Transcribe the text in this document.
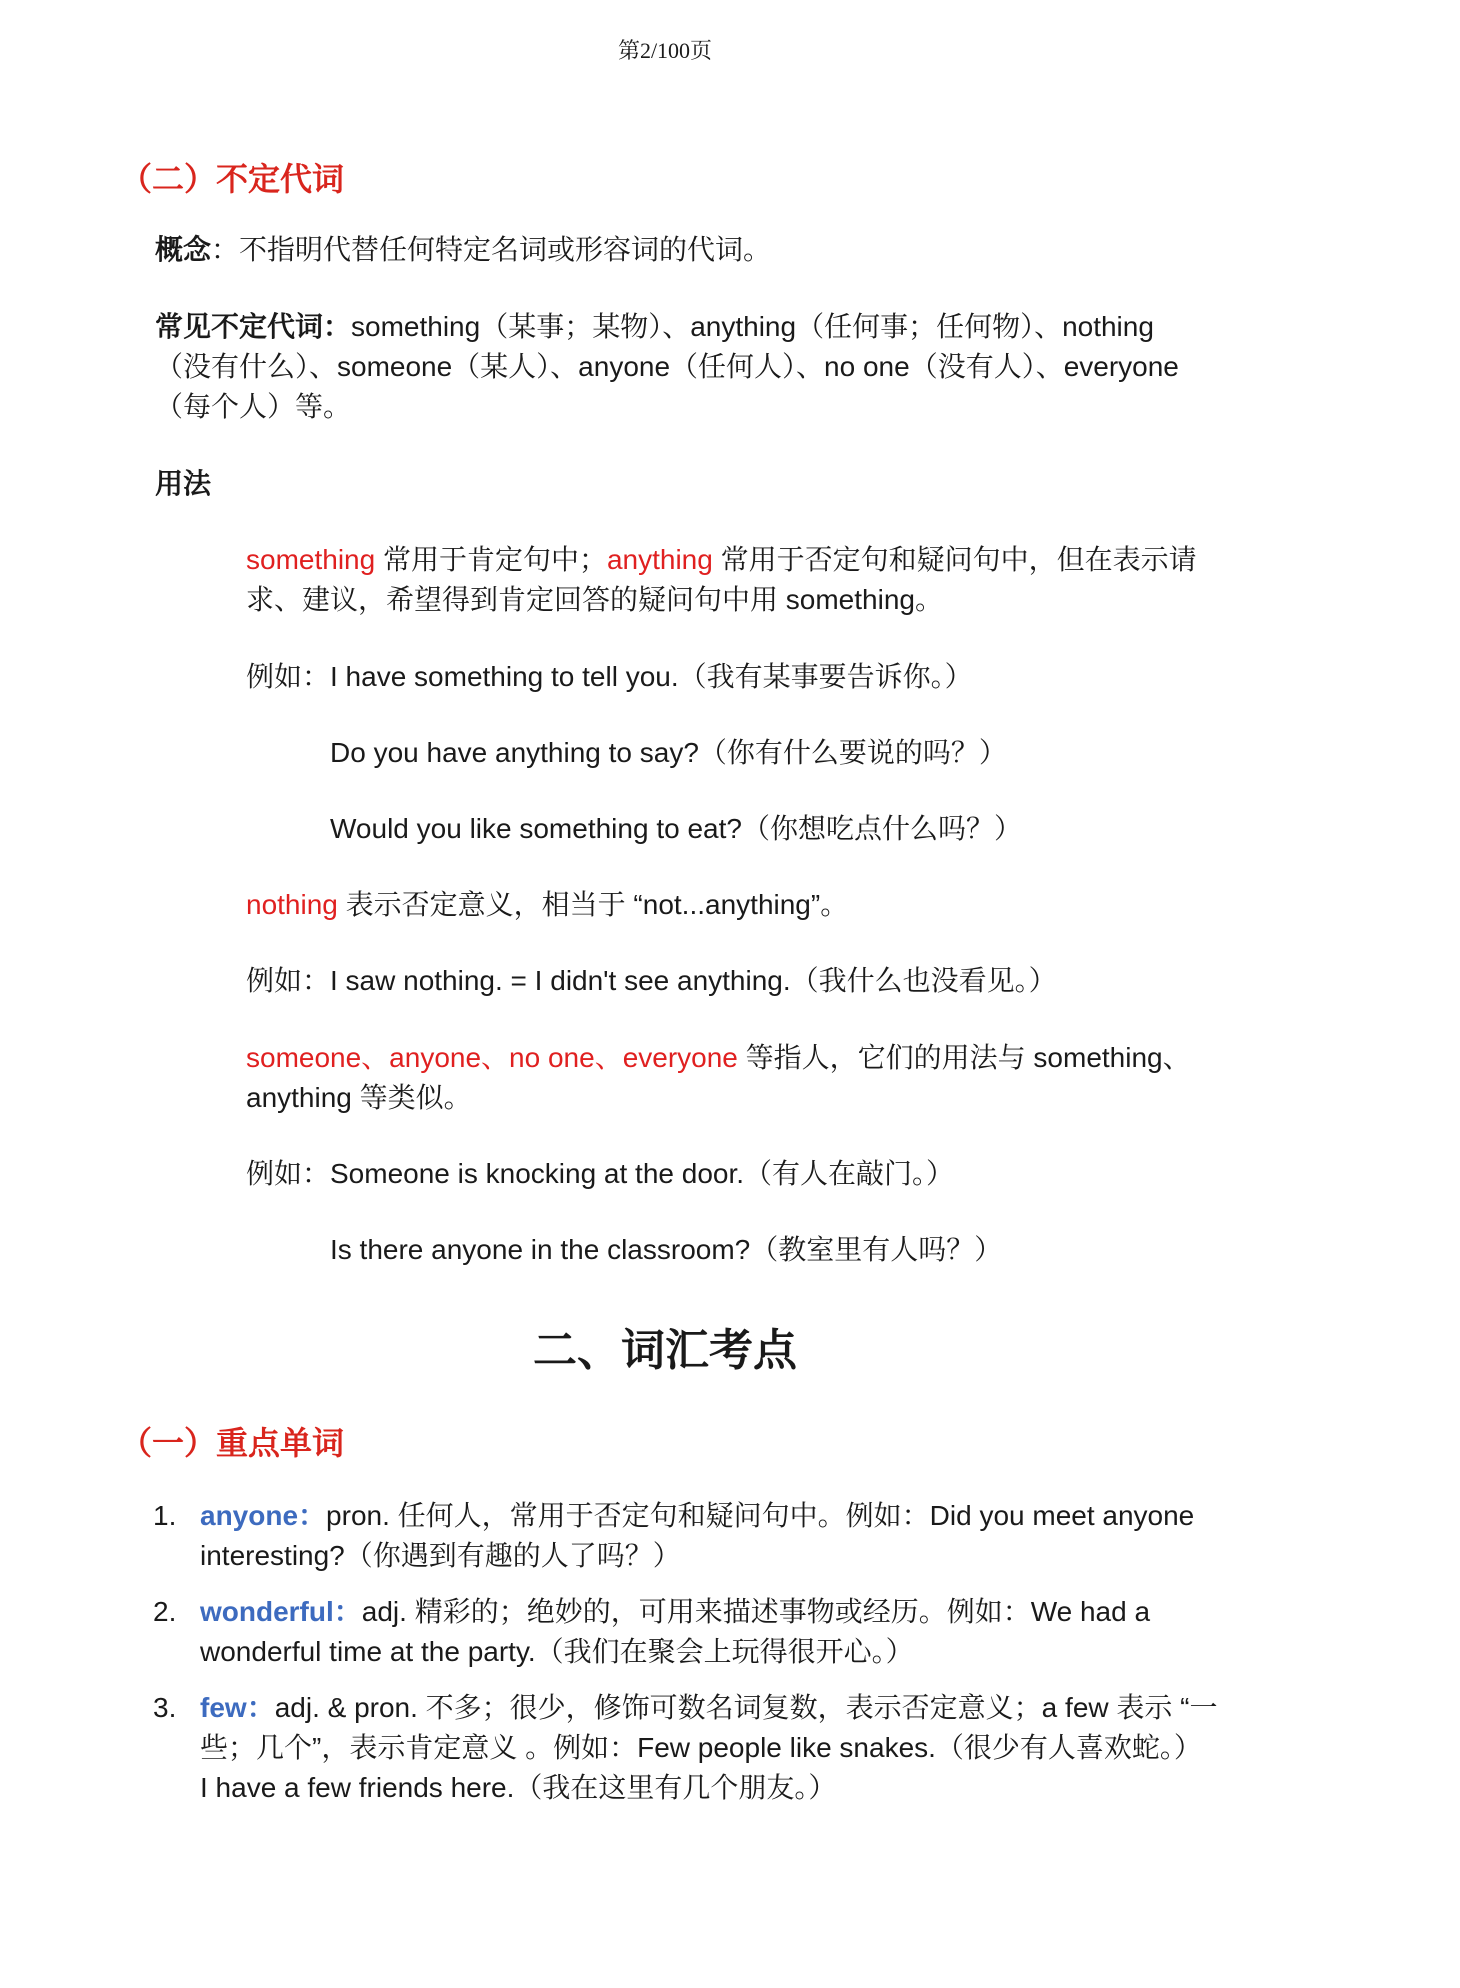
第2/100页
（二）不定代词
概念：不指明代替任何特定名词或形容词的代词。
常见不定代词：something（某事；某物）、anything（任何事；任何物）、nothing
（没有什么）、someone（某人）、anyone（任何人）、no one（没有人）、everyone
（每个人）等。
用法
something 常用于肯定句中；anything 常用于否定句和疑问句中，但在表示请
求、建议，希望得到肯定回答的疑问句中用 something。
例如：I have something to tell you.（我有某事要告诉你。）
Do you have anything to say?（你有什么要说的吗？）
Would you like something to eat?（你想吃点什么吗？）
nothing 表示否定意义，相当于 “not...anything”。
例如：I saw nothing. = I didn't see anything.（我什么也没看见。）
someone、anyone、no one、everyone 等指人，它们的用法与 something、
anything 等类似。
例如：Someone is knocking at the door.（有人在敲门。）
Is there anyone in the classroom?（教室里有人吗？）
二、词汇考点
（一）重点单词
1. anyone：pron. 任何人，常用于否定句和疑问句中。例如：Did you meet anyone
interesting?（你遇到有趣的人了吗？）
2. wonderful：adj. 精彩的；绝妙的，可用来描述事物或经历。例如：We had a
wonderful time at the party.（我们在聚会上玩得很开心。）
3. few：adj. & pron. 不多；很少，修饰可数名词复数，表示否定意义；a few 表示 “一
些；几个”，表示肯定意义 。例如：Few people like snakes.（很少有人喜欢蛇。）
I have a few friends here.（我在这里有几个朋友。）
